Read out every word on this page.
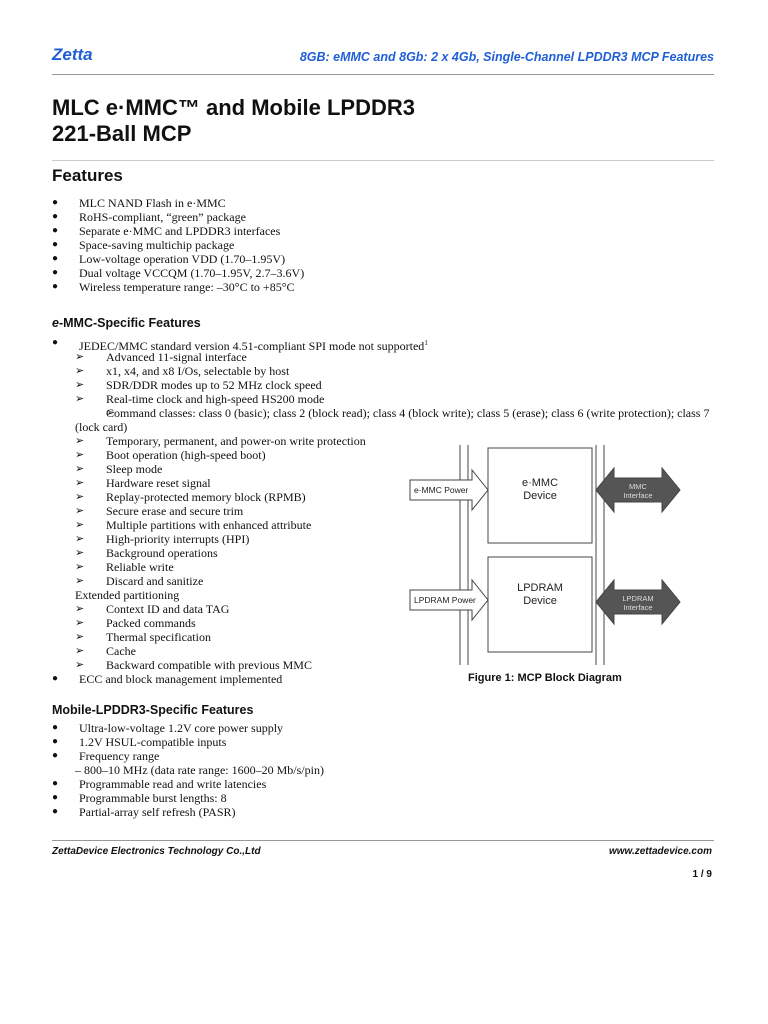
Zetta	8GB: eMMC and 8Gb: 2 x 4Gb, Single-Channel LPDDR3 MCP Features
MLC e·MMC™ and Mobile LPDDR3
221-Ball MCP
Features
● MLC NAND Flash in e·MMC
● RoHS-compliant, “green” package
● Separate e·MMC and LPDDR3 interfaces
● Space-saving multichip package
● Low-voltage operation VDD (1.70–1.95V)
● Dual voltage VCCQM (1.70–1.95V, 2.7–3.6V)
● Wireless temperature range: –30°C to +85°C
e-MMC-Specific Features
● JEDEC/MMC standard version 4.51-compliant SPI mode not supported$^1$
➢ Advanced 11-signal interface
➢ x1, x4, and x8 I/Os, selectable by host
➢ SDR/DDR modes up to 52 MHz clock speed
➢ Real-time clock and high-speed HS200 mode
➢ Command classes: class 0 (basic); class 2 (block read); class 4 (block write); class 5 (erase); class 6 (write protection); class 7 (lock card)
➢ Temporary, permanent, and power-on write protection
➢ Boot operation (high-speed boot)
➢ Sleep mode
➢ Hardware reset signal
➢ Replay-protected memory block (RPMB)
➢ Secure erase and secure trim
➢ Multiple partitions with enhanced attribute
➢ High-priority interrupts (HPI)
➢ Background operations
➢ Reliable write
➢ Discard and sanitize
Extended partitioning
➢ Context ID and data TAG
➢ Packed commands
➢ Thermal specification
➢ Cache
➢ Backward compatible with previous MMC
● ECC and block management implemented
e·MMC Power
e·MMC
Device
MMC
Interface
LPDRAM Power
LPDRAM
Device	LPDRAM
Interface
Figure 1: MCP Block Diagram
Mobile-LPDDR3-Specific Features
● Ultra-low-voltage 1.2V core power supply
● 1.2V HSUL-compatible inputs
● Frequency range
– 800–10 MHz (data rate range: 1600–20 Mb/s/pin)
● Programmable read and write latencies
● Programmable burst lengths: 8
● Partial-array self refresh (PASR)
ZettaDevice Electronics Technology Co.,Ltd	www.zettadevice.com
1 / 9
